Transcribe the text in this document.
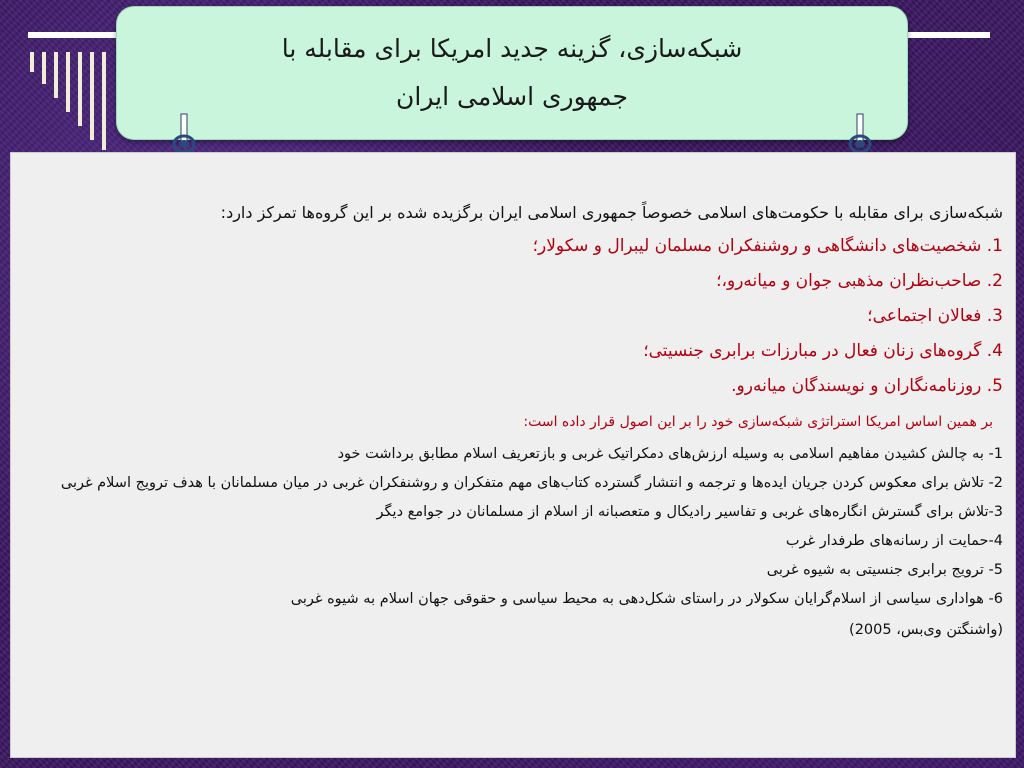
شبکه‌سازی، گزینه جدید امریکا برای مقابله با
جمهوری اسلامی ایران

شبکه‌سازی برای مقابله با حکومت‌های اسلامی خصوصاً جمهوری اسلامی ایران برگزیده شده بر این گروه‌ها تمرکز دارد:

1. شخصیت‌های دانشگاهی و روشنفکران مسلمان لیبرال و سکولار؛
2. صاحب‌نظران مذهبی جوان و میانه‌رو،؛
3. فعالان اجتماعی؛
4. گروه‌های زنان فعال در مبارزات برابری جنسیتی؛
5. روزنامه‌نگاران و نویسندگان میانه‌رو.

بر همین اساس امریکا استراتژی شبکه‌سازی خود را بر این اصول قرار داده است:

1- به چالش کشیدن مفاهیم اسلامی به وسیله ارزش‌های دمکراتیک غربی و بازتعریف اسلام مطابق برداشت خود
2- تلاش برای معکوس کردن جریان ایده‌ها و ترجمه و انتشار گسترده کتاب‌های مهم متفکران و روشنفکران غربی در میان مسلمانان با هدف ترویج اسلام غربی
3-تلاش برای گسترش انگاره‌های غربی و تفاسیر رادیکال و متعصبانه از اسلام از مسلمانان در جوامع دیگر
4-حمایت از رسانه‌های طرفدار غرب
5- ترویج برابری جنسیتی به شیوه غربی
6- هواداری سیاسی از اسلام‌گرایان سکولار در راستای شکل‌دهی به محیط سیاسی و حقوقی جهان اسلام به شیوه غربی

(واشنگتن وی‌بس، 2005)
